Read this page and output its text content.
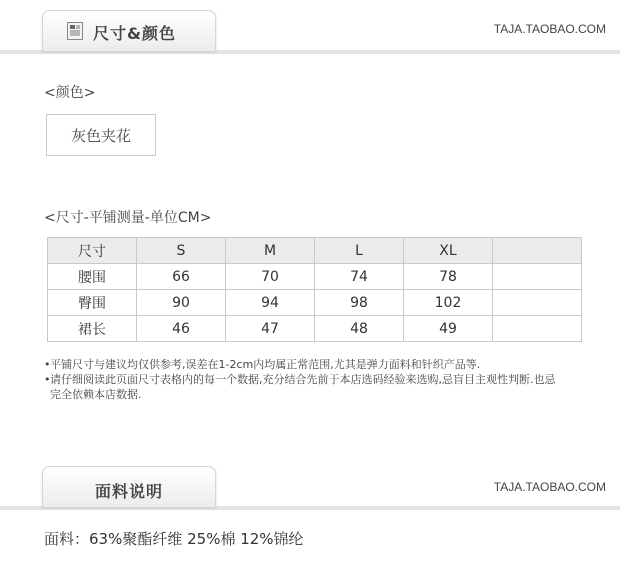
尺寸&颜色	TAJA.TAOBAO.COM
<颜色>
灰色夹花
<尺寸-平铺测量-单位CM>
尺寸	S	M	L	XL	
腰围	66	70	74	78	
臀围	90	94	98	102	
裙长	46	47	48	49	
• 平铺尺寸与建议均仅供参考,误差在1-2cm内均属正常范围,尤其是弹力面料和针织产品等.
• 请仔细阅读此页面尺寸表格内的每一个数据,充分结合先前于本店选码经验来选购,忌盲目主观性判断.也忌
完全依赖本店数据.
面料说明	TAJA.TAOBAO.COM
面料：63%聚酯纤维 25%棉 12%锦纶
